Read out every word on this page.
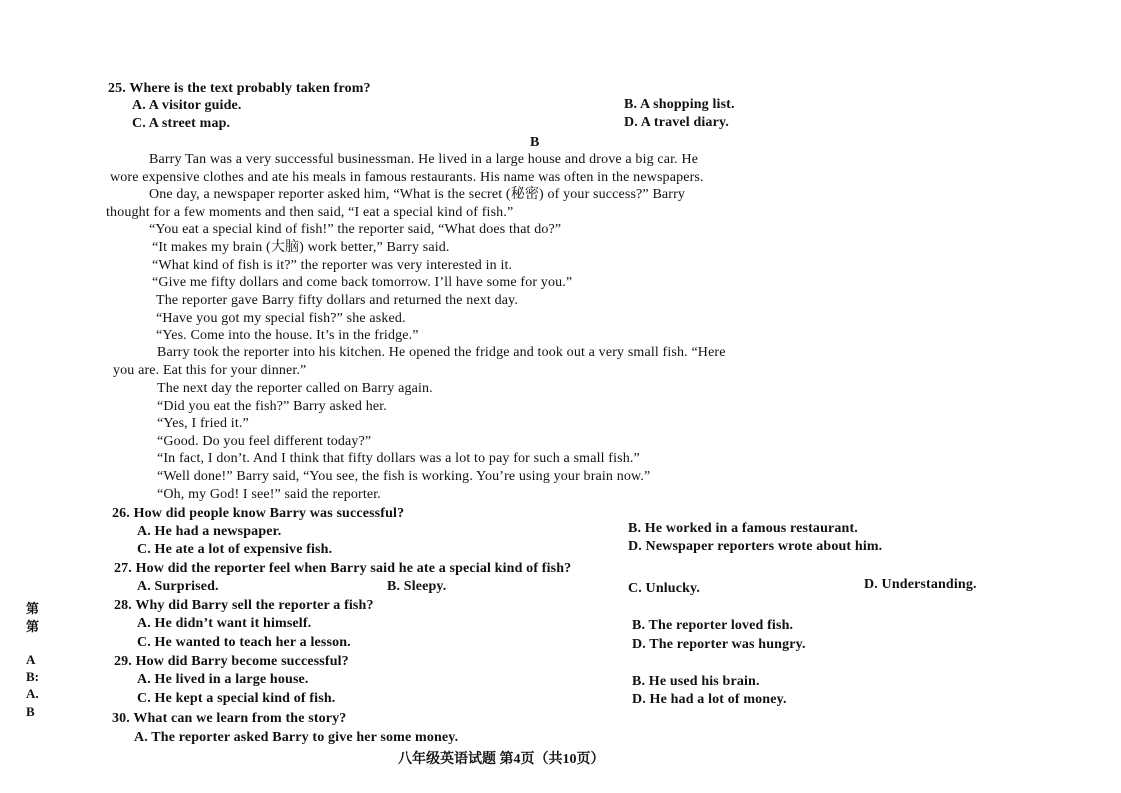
25. Where is the text probably taken from?
A. A visitor guide.	B. A shopping list.
C. A street map.	D. A travel diary.
B
Barry Tan was a very successful businessman. He lived in a large house and drove a big car. He
wore expensive clothes and ate his meals in famous restaurants. His name was often in the newspapers.
One day, a newspaper reporter asked him, “What is the secret (秘密) of your success?” Barry
thought for a few moments and then said, “I eat a special kind of fish.”
“You eat a special kind of fish!” the reporter said, “What does that do?”
“It makes my brain (大脑) work better,” Barry said.
“What kind of fish is it?” the reporter was very interested in it.
“Give me fifty dollars and come back tomorrow. I’ll have some for you.”
The reporter gave Barry fifty dollars and returned the next day.
“Have you got my special fish?” she asked.
“Yes. Come into the house. It’s in the fridge.”
Barry took the reporter into his kitchen. He opened the fridge and took out a very small fish. “Here
you are. Eat this for your dinner.”
The next day the reporter called on Barry again.
“Did you eat the fish?” Barry asked her.
“Yes, I fried it.”
“Good. Do you feel different today?”
“In fact, I don’t. And I think that fifty dollars was a lot to pay for such a small fish.”
“Well done!” Barry said, “You see, the fish is working. You’re using your brain now.”
“Oh, my God! I see!” said the reporter.
26. How did people know Barry was successful?
A. He had a newspaper.	B. He worked in a famous restaurant.
C. He ate a lot of expensive fish.	D. Newspaper reporters wrote about him.
27. How did the reporter feel when Barry said he ate a special kind of fish?
A. Surprised.	B. Sleepy.	C. Unlucky.	D. Understanding.
28. Why did Barry sell the reporter a fish?
A. He didn’t want it himself.	B. The reporter loved fish.
C. He wanted to teach her a lesson.	D. The reporter was hungry.
29. How did Barry become successful?
A. He lived in a large house.	B. He used his brain.
C. He kept a special kind of fish.	D. He had a lot of money.
30. What can we learn from the story?
A. The reporter asked Barry to give her some money.
第
第
A
B:
A.
B
八年级英语试题 第4页（共10页）
